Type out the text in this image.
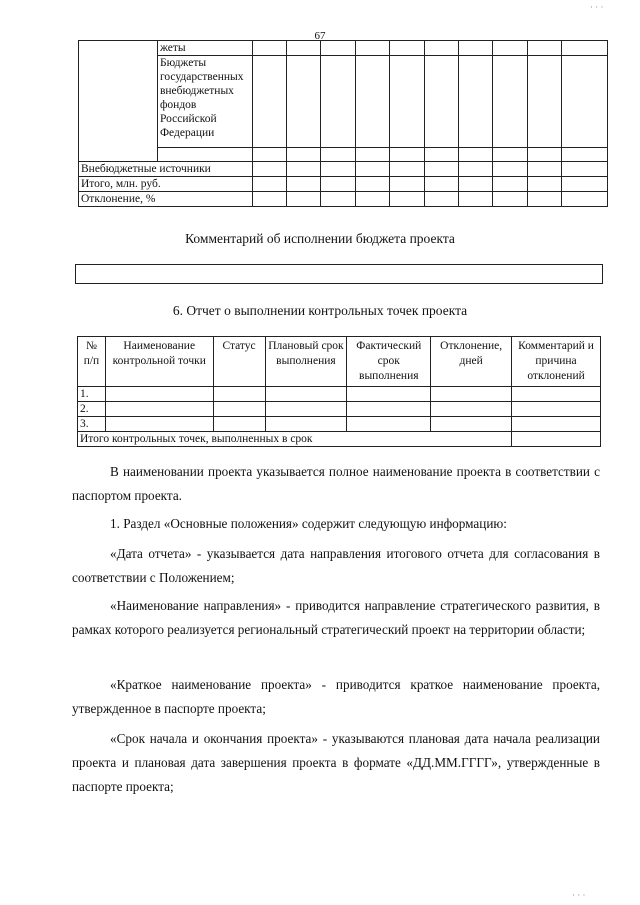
· · ·
67
	жеты										
	Бюджеты государственных внебюджетных фондов Российской Федерации										

Внебюджетные источники											
Итого, млн. руб.											
Отклонение, %											
Комментарий об исполнении бюджета проекта
6. Отчет о выполнении контрольных точек проекта
№ п/п	Наименование контрольной точки	Статус	Плановый срок выполнения	Фактический срок выполнения	Отклонение, дней	Комментарий и причина отклонений
1.						
2.						
3.						
Итого контрольных точек, выполненных в срок						
В наименовании проекта указывается полное наименование проекта в соответствии с паспортом проекта.
1. Раздел «Основные положения» содержит следующую информацию:
«Дата отчета» - указывается дата направления итогового отчета для согласования в соответствии с Положением;
«Наименование направления» - приводится направление стратегического развития, в рамках которого реализуется региональный стратегический проект на территории области;
«Краткое наименование проекта» - приводится краткое наименование проекта, утвержденное в паспорте проекта;
«Срок начала и окончания проекта» - указываются плановая дата начала реализации проекта и плановая дата завершения проекта в формате «ДД.ММ.ГГГГ», утвержденные в паспорте проекта;
· · ·
